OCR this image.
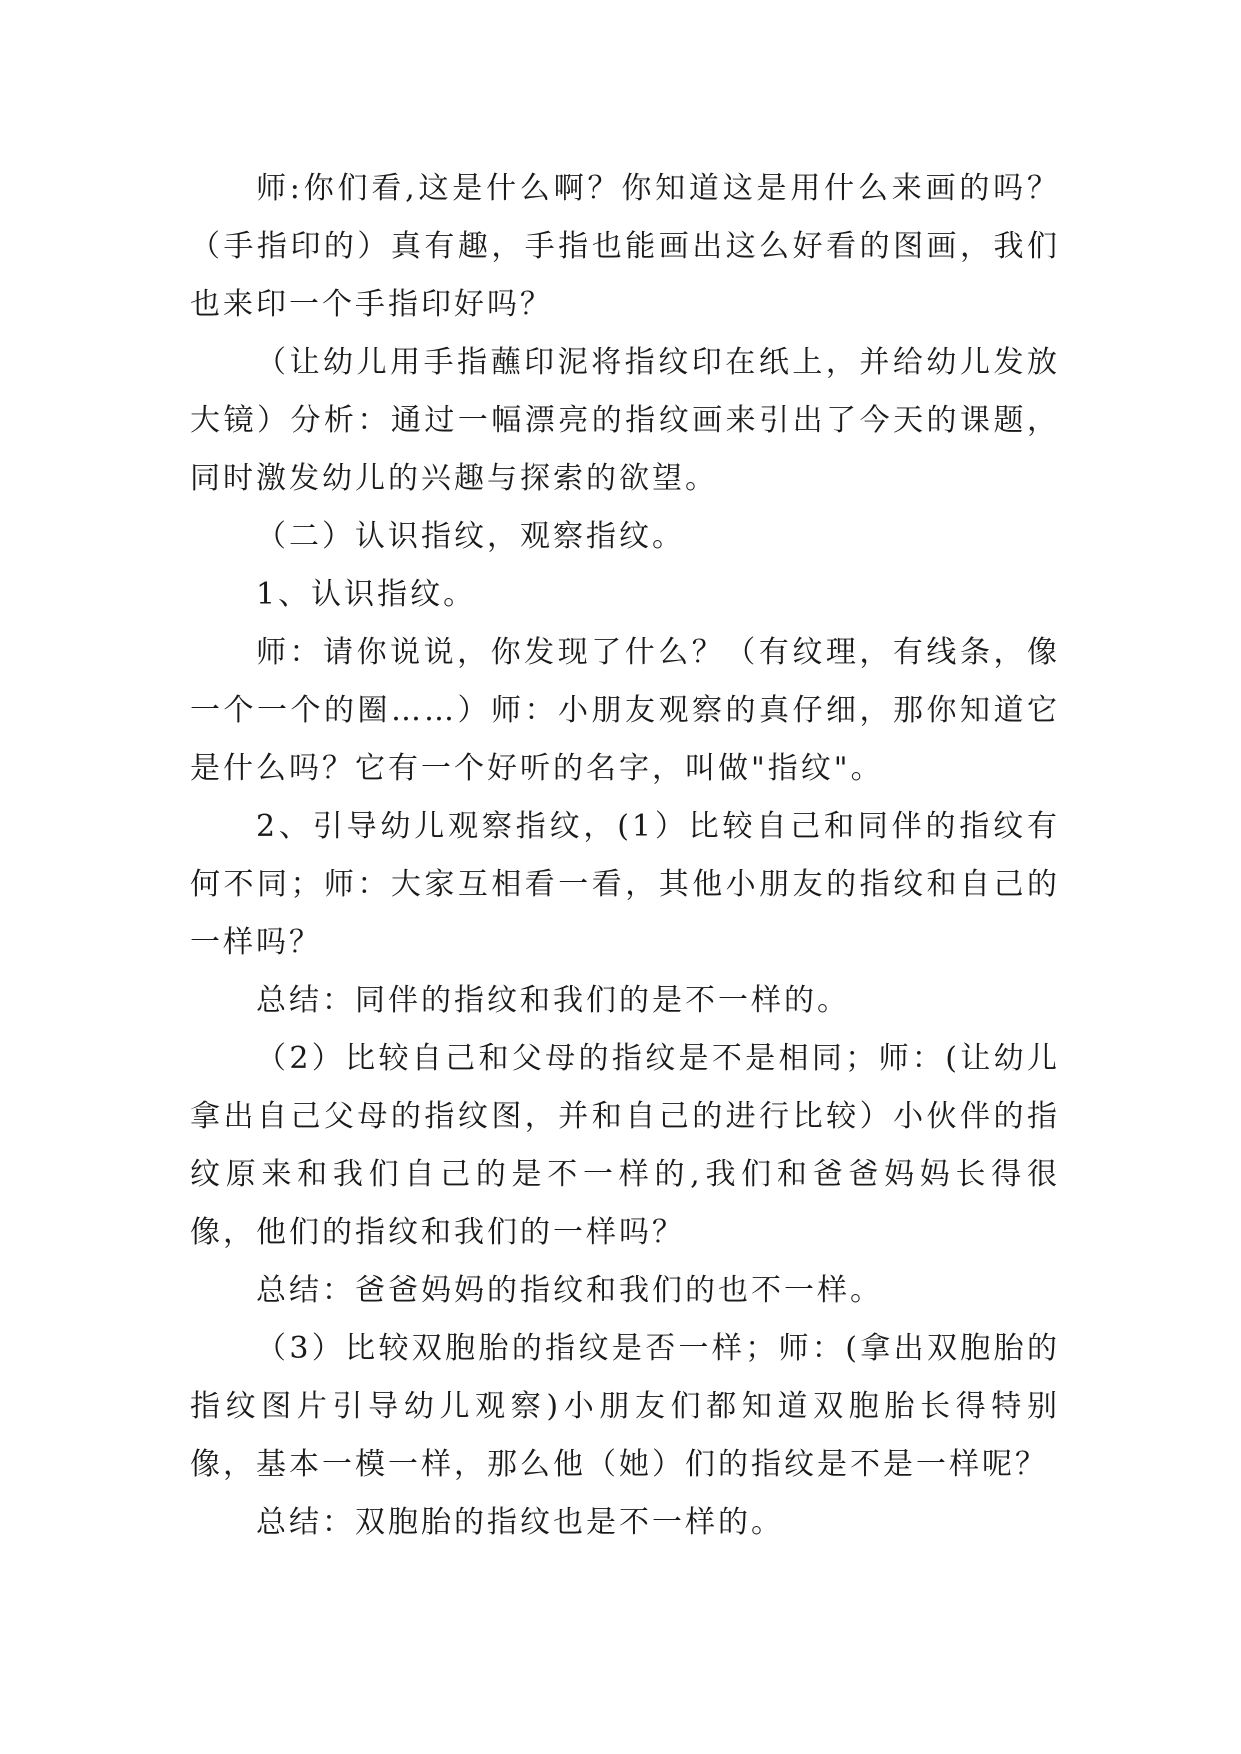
师:你们看,这是什么啊？你知道这是用什么来画的吗？（手指印的）真有趣，手指也能画出这么好看的图画，我们也来印一个手指印好吗？

（让幼儿用手指蘸印泥将指纹印在纸上，并给幼儿发放大镜）分析：通过一幅漂亮的指纹画来引出了今天的课题，同时激发幼儿的兴趣与探索的欲望。

（二）认识指纹，观察指纹。

1、认识指纹。

师：请你说说，你发现了什么？（有纹理，有线条，像一个一个的圈……）师：小朋友观察的真仔细，那你知道它是什么吗？它有一个好听的名字，叫做"指纹"。

2、引导幼儿观察指纹，(1）比较自己和同伴的指纹有何不同；师：大家互相看一看，其他小朋友的指纹和自己的一样吗？

总结：同伴的指纹和我们的是不一样的。

（2）比较自己和父母的指纹是不是相同；师：(让幼儿拿出自己父母的指纹图，并和自己的进行比较）小伙伴的指纹原来和我们自己的是不一样的,我们和爸爸妈妈长得很像，他们的指纹和我们的一样吗？

总结：爸爸妈妈的指纹和我们的也不一样。

（3）比较双胞胎的指纹是否一样；师：(拿出双胞胎的指纹图片引导幼儿观察)小朋友们都知道双胞胎长得特别像，基本一模一样，那么他（她）们的指纹是不是一样呢？

总结：双胞胎的指纹也是不一样的。
